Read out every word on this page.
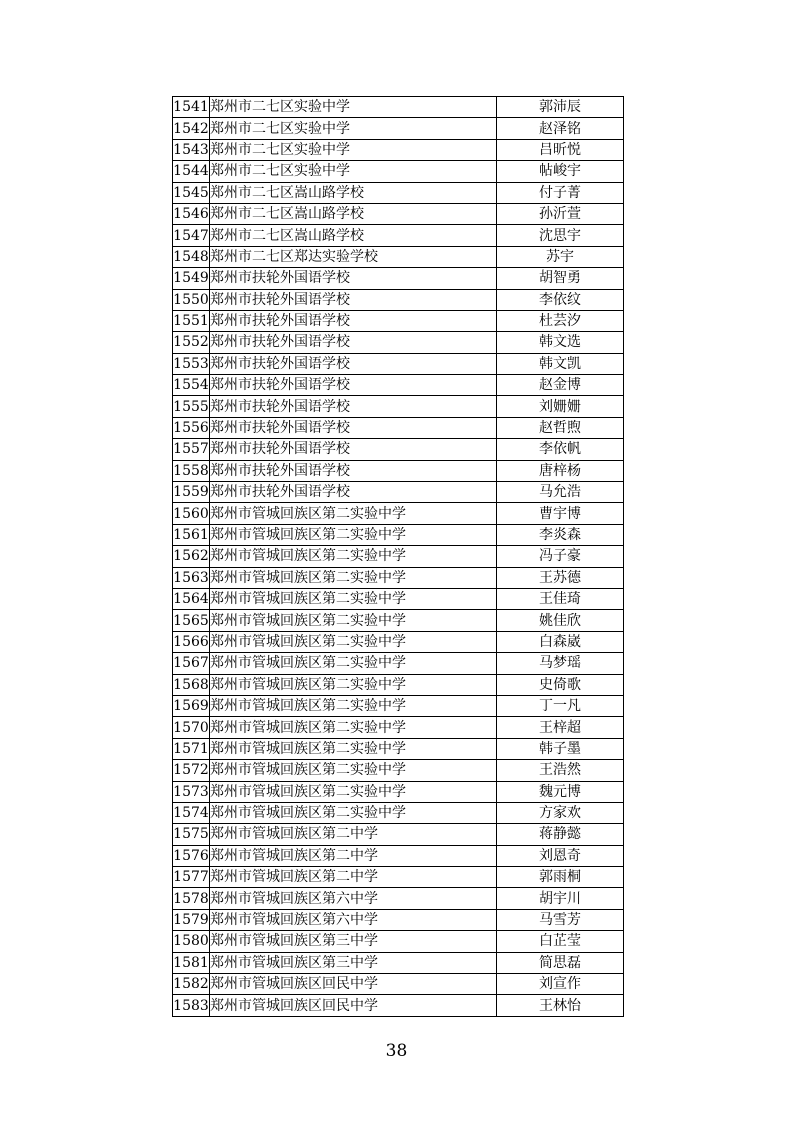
1541	郑州市二七区实验中学	郭沛辰
1542	郑州市二七区实验中学	赵泽铭
1543	郑州市二七区实验中学	吕昕悦
1544	郑州市二七区实验中学	帖峻宇
1545	郑州市二七区嵩山路学校	付子菁
1546	郑州市二七区嵩山路学校	孙沂萱
1547	郑州市二七区嵩山路学校	沈思宇
1548	郑州市二七区郑达实验学校	苏宇
1549	郑州市扶轮外国语学校	胡智勇
1550	郑州市扶轮外国语学校	李依纹
1551	郑州市扶轮外国语学校	杜芸汐
1552	郑州市扶轮外国语学校	韩文选
1553	郑州市扶轮外国语学校	韩文凯
1554	郑州市扶轮外国语学校	赵金博
1555	郑州市扶轮外国语学校	刘姗姗
1556	郑州市扶轮外国语学校	赵哲煦
1557	郑州市扶轮外国语学校	李依帆
1558	郑州市扶轮外国语学校	唐梓杨
1559	郑州市扶轮外国语学校	马允浩
1560	郑州市管城回族区第二实验中学	曹宇博
1561	郑州市管城回族区第二实验中学	李炎森
1562	郑州市管城回族区第二实验中学	冯子豪
1563	郑州市管城回族区第二实验中学	王苏德
1564	郑州市管城回族区第二实验中学	王佳琦
1565	郑州市管城回族区第二实验中学	姚佳欣
1566	郑州市管城回族区第二实验中学	白森崴
1567	郑州市管城回族区第二实验中学	马梦瑶
1568	郑州市管城回族区第二实验中学	史倚歌
1569	郑州市管城回族区第二实验中学	丁一凡
1570	郑州市管城回族区第二实验中学	王梓超
1571	郑州市管城回族区第二实验中学	韩子墨
1572	郑州市管城回族区第二实验中学	王浩然
1573	郑州市管城回族区第二实验中学	魏元博
1574	郑州市管城回族区第二实验中学	方家欢
1575	郑州市管城回族区第二中学	蒋静懿
1576	郑州市管城回族区第二中学	刘恩奇
1577	郑州市管城回族区第二中学	郭雨桐
1578	郑州市管城回族区第六中学	胡宇川
1579	郑州市管城回族区第六中学	马雪芳
1580	郑州市管城回族区第三中学	白芷莹
1581	郑州市管城回族区第三中学	简思磊
1582	郑州市管城回族区回民中学	刘宣作
1583	郑州市管城回族区回民中学	王林怡
38
